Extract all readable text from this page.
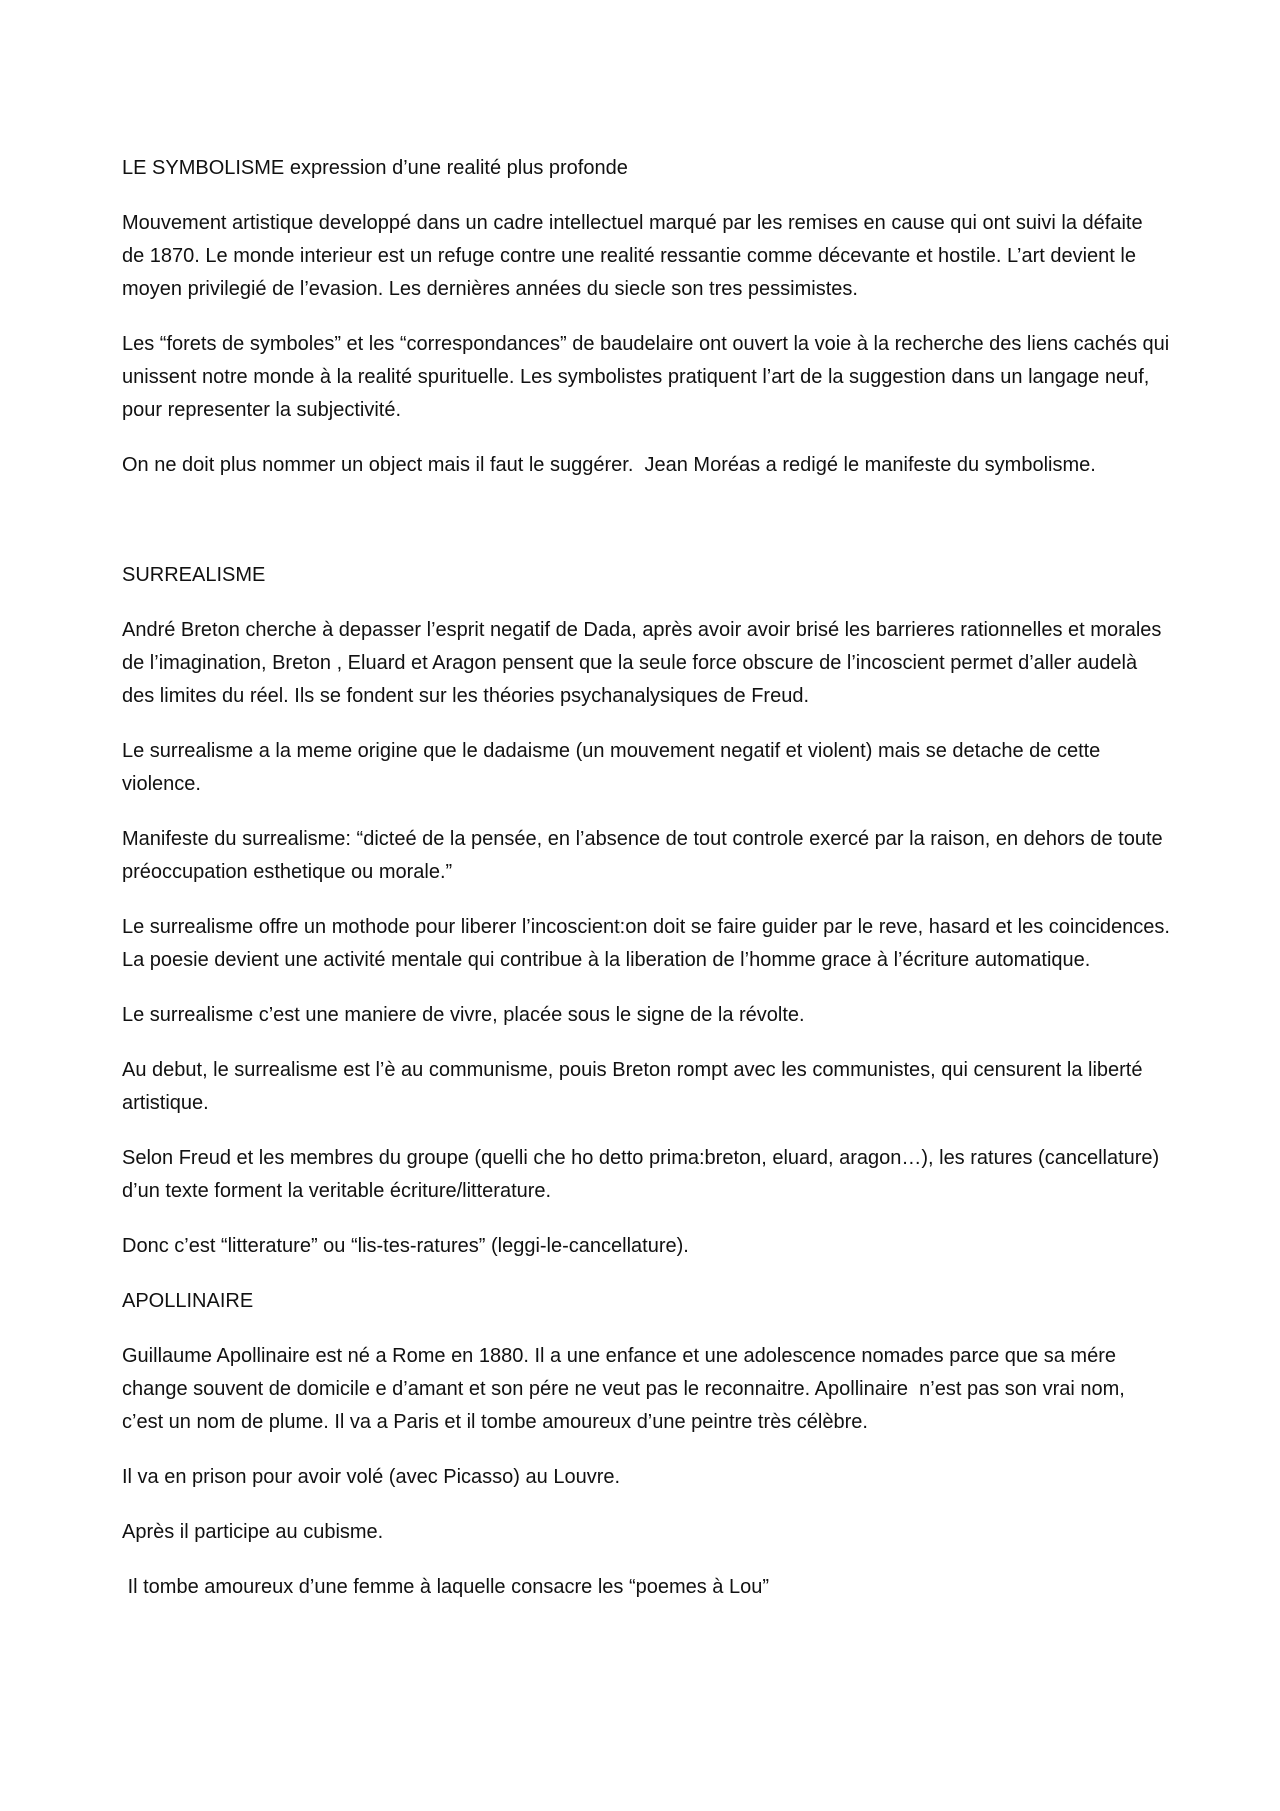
LE SYMBOLISME expression d’une realité plus profonde

Mouvement artistique developpé dans un cadre intellectuel marqué par les remises en cause qui ont suivi la défaite de 1870. Le monde interieur est un refuge contre une realité ressantie comme décevante et hostile. L’art devient le moyen privilegié de l’evasion. Les dernières années du siecle son tres pessimistes.

Les “forets de symboles” et les “correspondances” de baudelaire ont ouvert la voie à la recherche des liens cachés qui unissent notre monde à la realité spurituelle. Les symbolistes pratiquent l’art de la suggestion dans un langage neuf, pour representer la subjectivité.

On ne doit plus nommer un object mais il faut le suggérer.  Jean Moréas a redigé le manifeste du symbolisme.

SURREALISME

André Breton cherche à depasser l’esprit negatif de Dada, après avoir avoir brisé les barrieres rationnelles et morales de l’imagination, Breton , Eluard et Aragon pensent que la seule force obscure de l’incoscient permet d’aller audelà des limites du réel. Ils se fondent sur les théories psychanalysiques de Freud.

Le surrealisme a la meme origine que le dadaisme (un mouvement negatif et violent) mais se detache de cette violence.

Manifeste du surrealisme: “dicteé de la pensée, en l’absence de tout controle exercé par la raison, en dehors de toute préoccupation esthetique ou morale.”

Le surrealisme offre un mothode pour liberer l’incoscient:on doit se faire guider par le reve, hasard et les coincidences. La poesie devient une activité mentale qui contribue à la liberation de l’homme grace à l’écriture automatique.

Le surrealisme c’est une maniere de vivre, placée sous le signe de la révolte.

Au debut, le surrealisme est l’è au communisme, pouis Breton rompt avec les communistes, qui censurent la liberté artistique.

Selon Freud et les membres du groupe (quelli che ho detto prima:breton, eluard, aragon…), les ratures (cancellature) d’un texte forment la veritable écriture/litterature.

Donc c’est “litterature” ou “lis-tes-ratures” (leggi-le-cancellature).

APOLLINAIRE

Guillaume Apollinaire est né a Rome en 1880. Il a une enfance et une adolescence nomades parce que sa mére change souvent de domicile e d’amant et son pére ne veut pas le reconnaitre. Apollinaire  n’est pas son vrai nom, c’est un nom de plume. Il va a Paris et il tombe amoureux d’une peintre très célèbre.

Il va en prison pour avoir volé (avec Picasso) au Louvre.

Après il participe au cubisme.

Il tombe amoureux d’une femme à laquelle consacre les “poemes à Lou”
